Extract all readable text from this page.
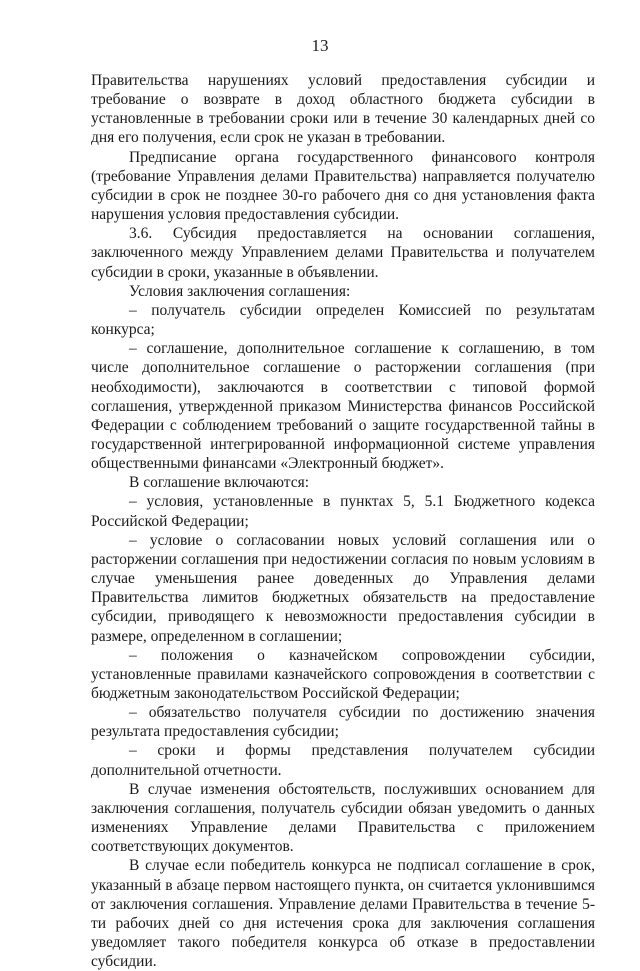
13

Правительства нарушениях условий предоставления субсидии и требование о возврате в доход областного бюджета субсидии в установленные в требовании сроки или в течение 30 календарных дней со дня его получения, если срок не указан в требовании.

Предписание органа государственного финансового контроля (требование Управления делами Правительства) направляется получателю субсидии в срок не позднее 30-го рабочего дня со дня установления факта нарушения условия предоставления субсидии.

3.6. Субсидия предоставляется на основании соглашения, заключенного между Управлением делами Правительства и получателем субсидии в сроки, указанные в объявлении.

Условия заключения соглашения:

– получатель субсидии определен Комиссией по результатам конкурса;

– соглашение, дополнительное соглашение к соглашению, в том числе дополнительное соглашение о расторжении соглашения (при необходимости), заключаются в соответствии с типовой формой соглашения, утвержденной приказом Министерства финансов Российской Федерации с соблюдением требований о защите государственной тайны в государственной интегрированной информационной системе управления общественными финансами «Электронный бюджет».

В соглашение включаются:

– условия, установленные в пунктах 5, 5.1 Бюджетного кодекса Российской Федерации;

– условие о согласовании новых условий соглашения или о расторжении соглашения при недостижении согласия по новым условиям в случае уменьшения ранее доведенных до Управления делами Правительства лимитов бюджетных обязательств на предоставление субсидии, приводящего к невозможности предоставления субсидии в размере, определенном в соглашении;

– положения о казначейском сопровождении субсидии, установленные правилами казначейского сопровождения в соответствии с бюджетным законодательством Российской Федерации;

– обязательство получателя субсидии по достижению значения результата предоставления субсидии;

– сроки и формы представления получателем субсидии дополнительной отчетности.

В случае изменения обстоятельств, послуживших основанием для заключения соглашения, получатель субсидии обязан уведомить о данных изменениях Управление делами Правительства с приложением соответствующих документов.

В случае если победитель конкурса не подписал соглашение в срок, указанный в абзаце первом настоящего пункта, он считается уклонившимся от заключения соглашения. Управление делами Правительства в течение 5-ти рабочих дней со дня истечения срока для заключения соглашения уведомляет такого победителя конкурса об отказе в предоставлении субсидии.
